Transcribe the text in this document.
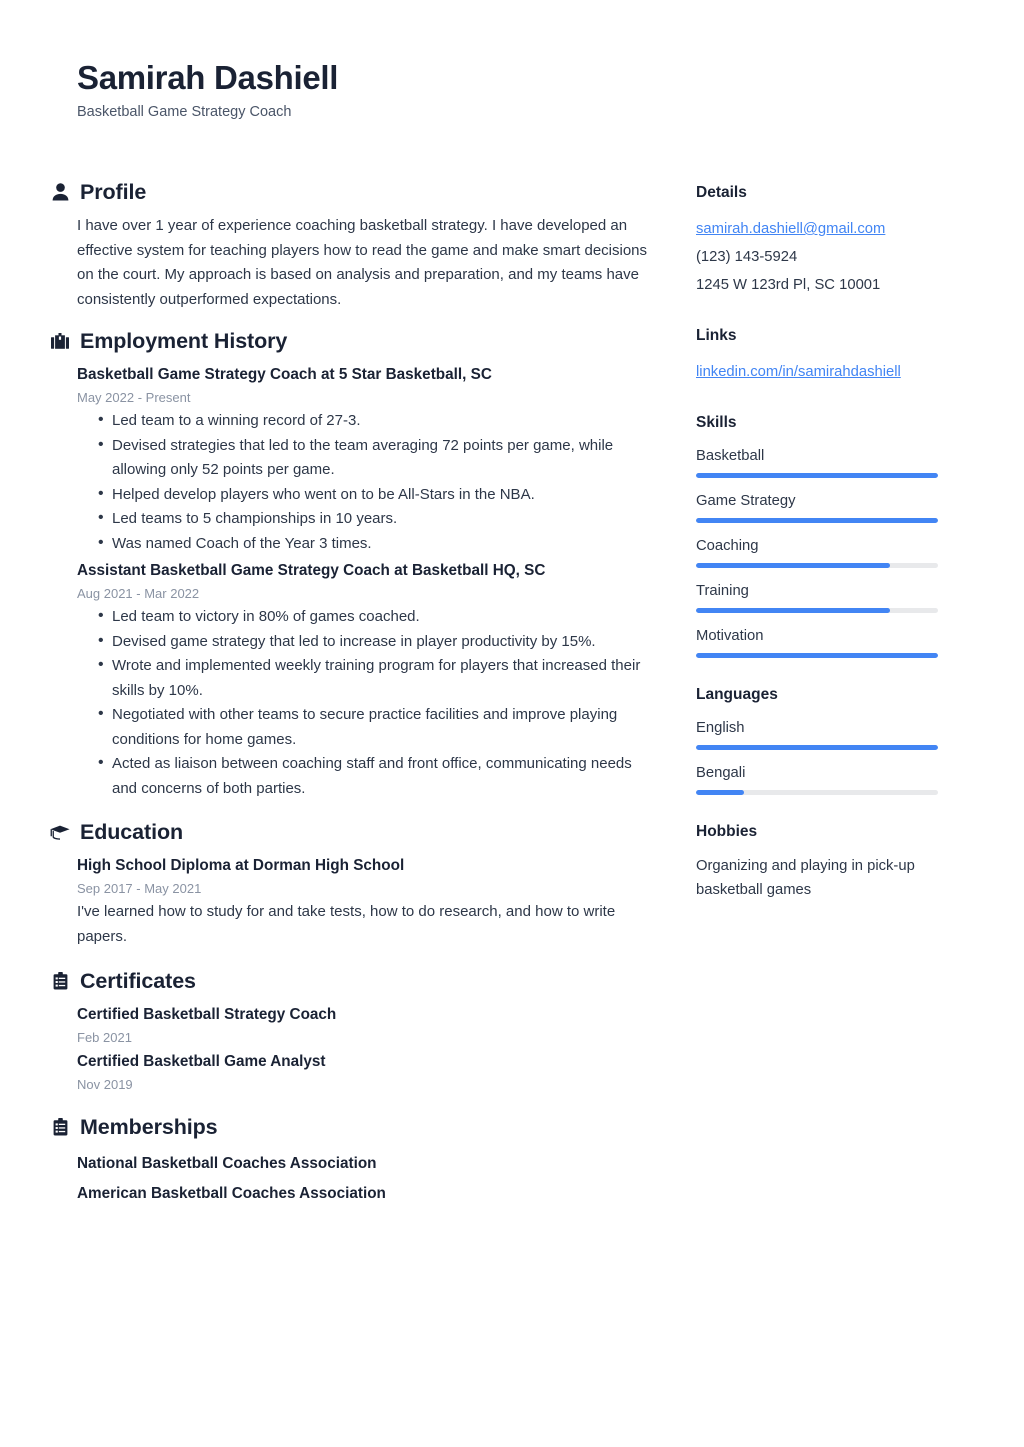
Samirah Dashiell
Basketball Game Strategy Coach
Profile

I have over 1 year of experience coaching basketball strategy. I have developed an effective system for teaching players how to read the game and make smart decisions on the court. My approach is based on analysis and preparation, and my teams have consistently outperformed expectations.

Employment History
Basketball Game Strategy Coach at 5 Star Basketball, SC
May 2022 - Present
• Led team to a winning record of 27-3.
• Devised strategies that led to the team averaging 72 points per game, while allowing only 52 points per game.
• Helped develop players who went on to be All-Stars in the NBA.
• Led teams to 5 championships in 10 years.
• Was named Coach of the Year 3 times.
Assistant Basketball Game Strategy Coach at Basketball HQ, SC
Aug 2021 - Mar 2022
• Led team to victory in 80% of games coached.
• Devised game strategy that led to increase in player productivity by 15%.
• Wrote and implemented weekly training program for players that increased their skills by 10%.
• Negotiated with other teams to secure practice facilities and improve playing conditions for home games.
• Acted as liaison between coaching staff and front office, communicating needs and concerns of both parties.
Education
High School Diploma at Dorman High School
Sep 2017 - May 2021

I've learned how to study for and take tests, how to do research, and how to write papers.

Certificates
Certified Basketball Strategy Coach
Feb 2021
Certified Basketball Game Analyst
Nov 2019
Memberships
National Basketball Coaches Association
American Basketball Coaches Association
Details
samirah.dashiell@gmail.com
(123) 143-5924
1245 W 123rd Pl, SC 10001
Links
linkedin.com/in/samirahdashiell
Skills
Basketball
Game Strategy
Coaching
Training
Motivation
Languages
English
Bengali
Hobbies
Organizing and playing in pick-up basketball games
